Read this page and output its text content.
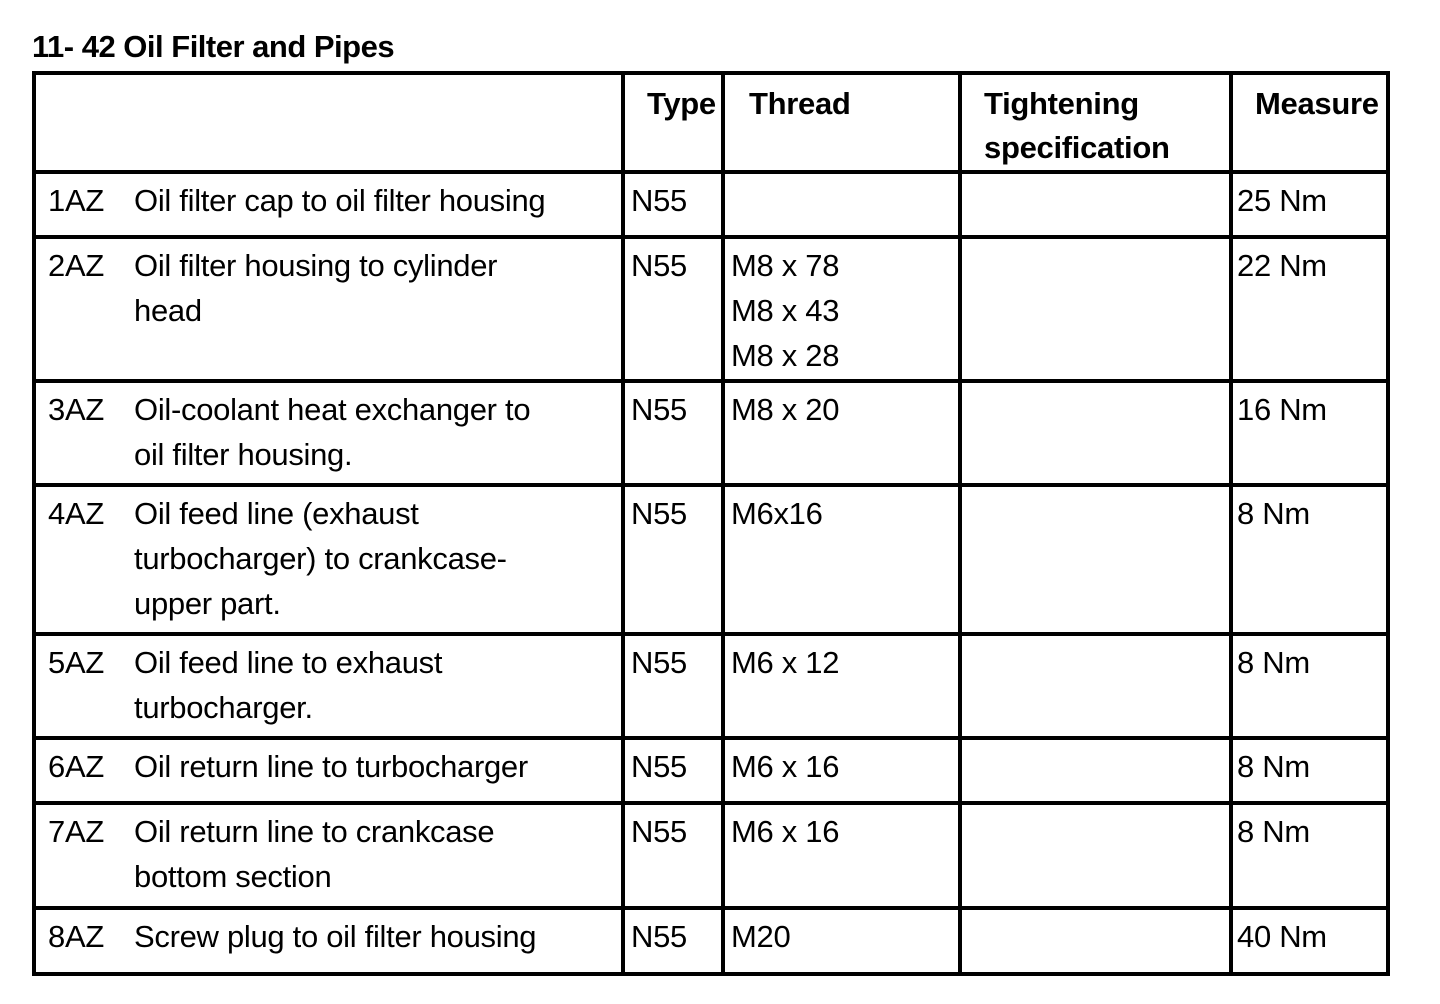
11- 42 Oil Filter and Pipes

	Type	Thread	Tightening
specification	Measure

1AZ Oil filter cap to oil filter housing	N55			25 Nm

2AZ Oil filter housing to cylinder
head	N55	M8 x 78
M8 x 43
M8 x 28		22 Nm

3AZ Oil-coolant heat exchanger to
oil filter housing.	N55	M8 x 20		16 Nm

4AZ Oil feed line (exhaust
turbocharger) to crankcase-
upper part.	N55	M6x16		8 Nm

5AZ Oil feed line to exhaust
turbocharger.	N55	M6 x 12		8 Nm

6AZ Oil return line to turbocharger	N55	M6 x 16		8 Nm

7AZ Oil return line to crankcase
bottom section	N55	M6 x 16		8 Nm

8AZ Screw plug to oil filter housing	N55	M20		40 Nm
